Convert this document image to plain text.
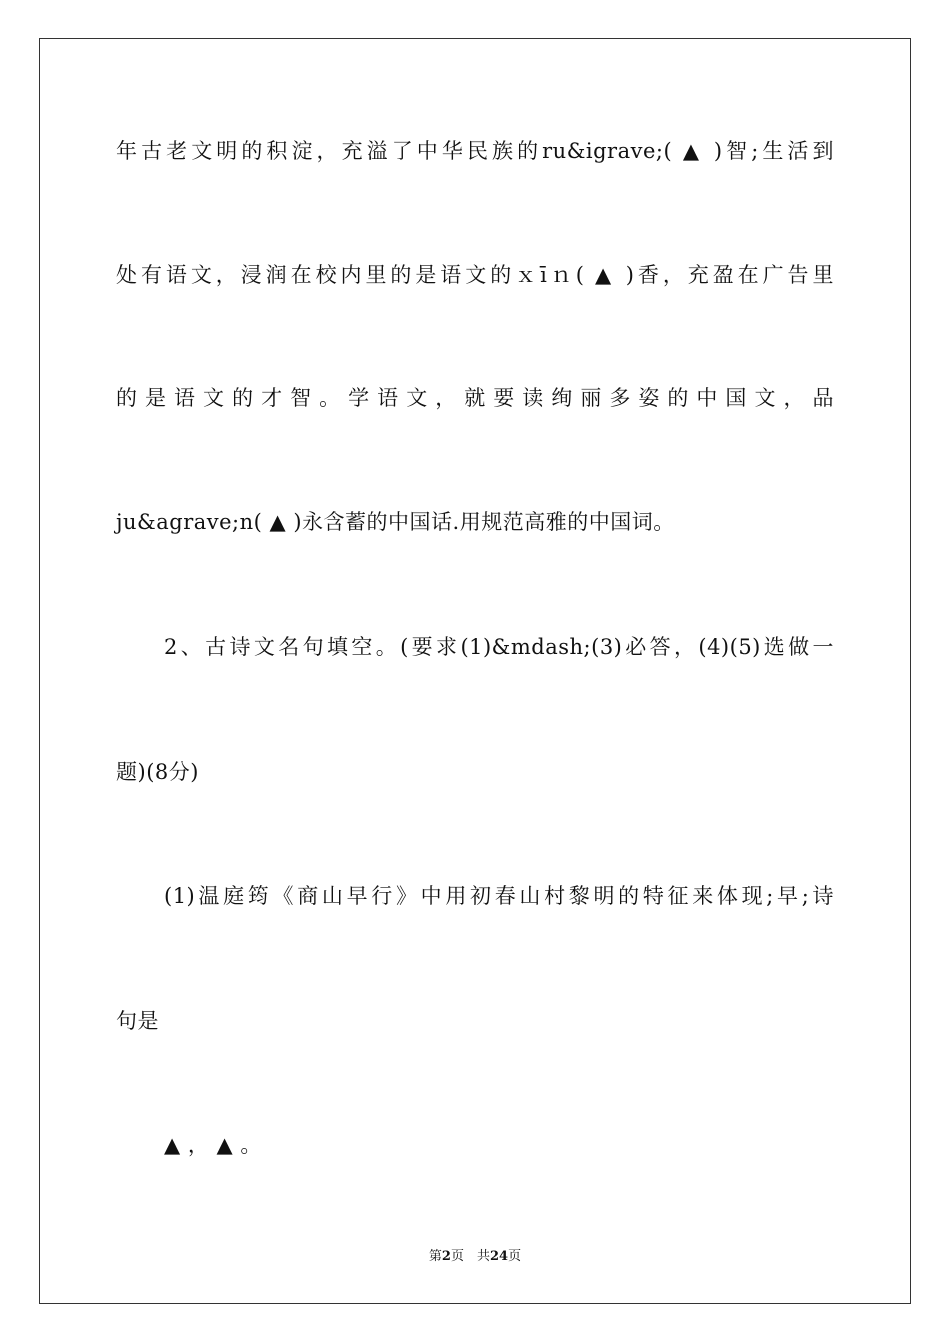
年古老文明的积淀，充溢了中华民族的ru&igrave;( ▲ )智;生活到
处有语文，浸润在校内里的是语文的ｘīｎ( ▲ )香，充盈在广告里
的是语文的才智。学语文，就要读绚丽多姿的中国文，品
ju&agrave;n( ▲ )永含蓄的中国话.用规范高雅的中国词。
2、古诗文名句填空。(要求(1)&mdash;(3)必答，(4)(5)选做一
题)(8分)
(1)温庭筠《商山早行》中用初春山村黎明的特征来体现;早;诗
句是
▲ ， ▲ 。
第2页　共24页
